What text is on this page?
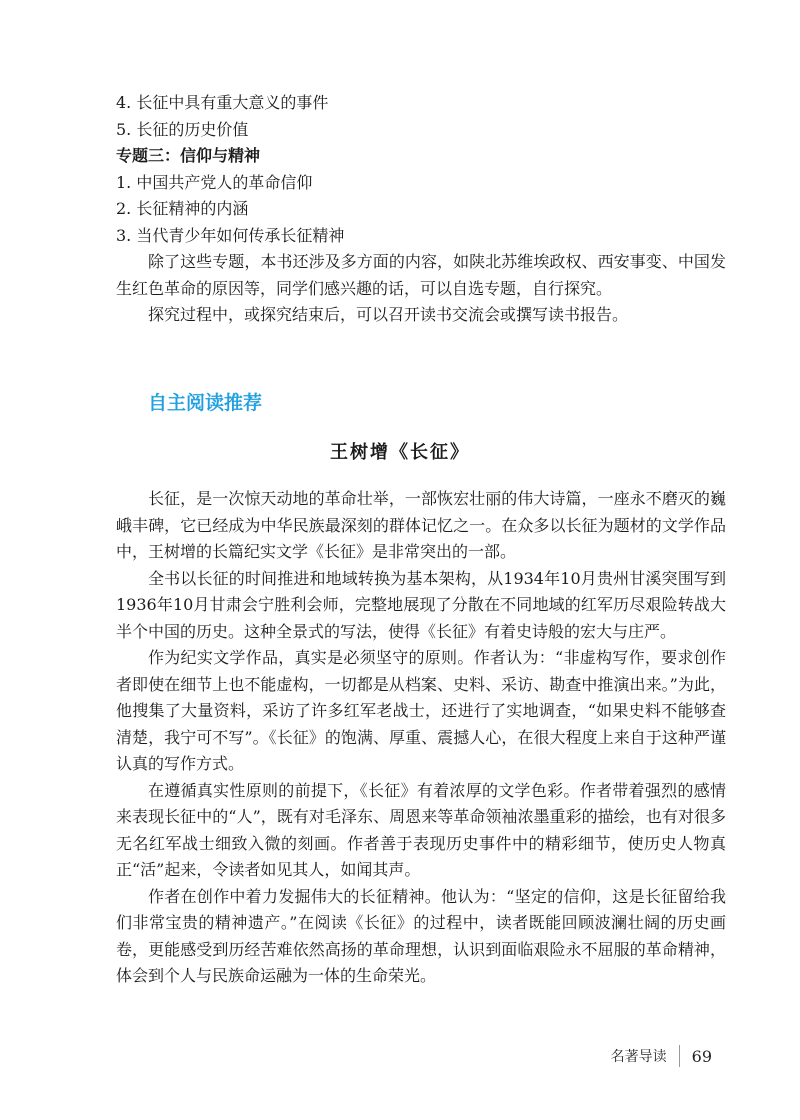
4. 长征中具有重大意义的事件

5. 长征的历史价值

专题三：信仰与精神

1. 中国共产党人的革命信仰

2. 长征精神的内涵

3. 当代青少年如何传承长征精神

除了这些专题，本书还涉及多方面的内容，如陕北苏维埃政权、西安事变、中国发生红色革命的原因等，同学们感兴趣的话，可以自选专题，自行探究。

探究过程中，或探究结束后，可以召开读书交流会或撰写读书报告。

自主阅读推荐
王树增《长征》

长征，是一次惊天动地的革命壮举，一部恢宏壮丽的伟大诗篇，一座永不磨灭的巍峨丰碑，它已经成为中华民族最深刻的群体记忆之一。在众多以长征为题材的文学作品中，王树增的长篇纪实文学《长征》是非常突出的一部。

全书以长征的时间推进和地域转换为基本架构，从1934年10月贵州甘溪突围写到1936年10月甘肃会宁胜利会师，完整地展现了分散在不同地域的红军历尽艰险转战大半个中国的历史。这种全景式的写法，使得《长征》有着史诗般的宏大与庄严。

作为纪实文学作品，真实是必须坚守的原则。作者认为：“非虚构写作，要求创作者即使在细节上也不能虚构，一切都是从档案、史料、采访、勘查中推演出来。”为此，他搜集了大量资料，采访了许多红军老战士，还进行了实地调查，“如果史料不能够查清楚，我宁可不写”。《长征》的饱满、厚重、震撼人心，在很大程度上来自于这种严谨认真的写作方式。

在遵循真实性原则的前提下，《长征》有着浓厚的文学色彩。作者带着强烈的感情来表现长征中的“人”，既有对毛泽东、周恩来等革命领袖浓墨重彩的描绘，也有对很多无名红军战士细致入微的刻画。作者善于表现历史事件中的精彩细节，使历史人物真正“活”起来，令读者如见其人，如闻其声。

作者在创作中着力发掘伟大的长征精神。他认为：“坚定的信仰，这是长征留给我们非常宝贵的精神遗产。”在阅读《长征》的过程中，读者既能回顾波澜壮阔的历史画卷，更能感受到历经苦难依然高扬的革命理想，认识到面临艰险永不屈服的革命精神，体会到个人与民族命运融为一体的生命荣光。

名著导读 69
